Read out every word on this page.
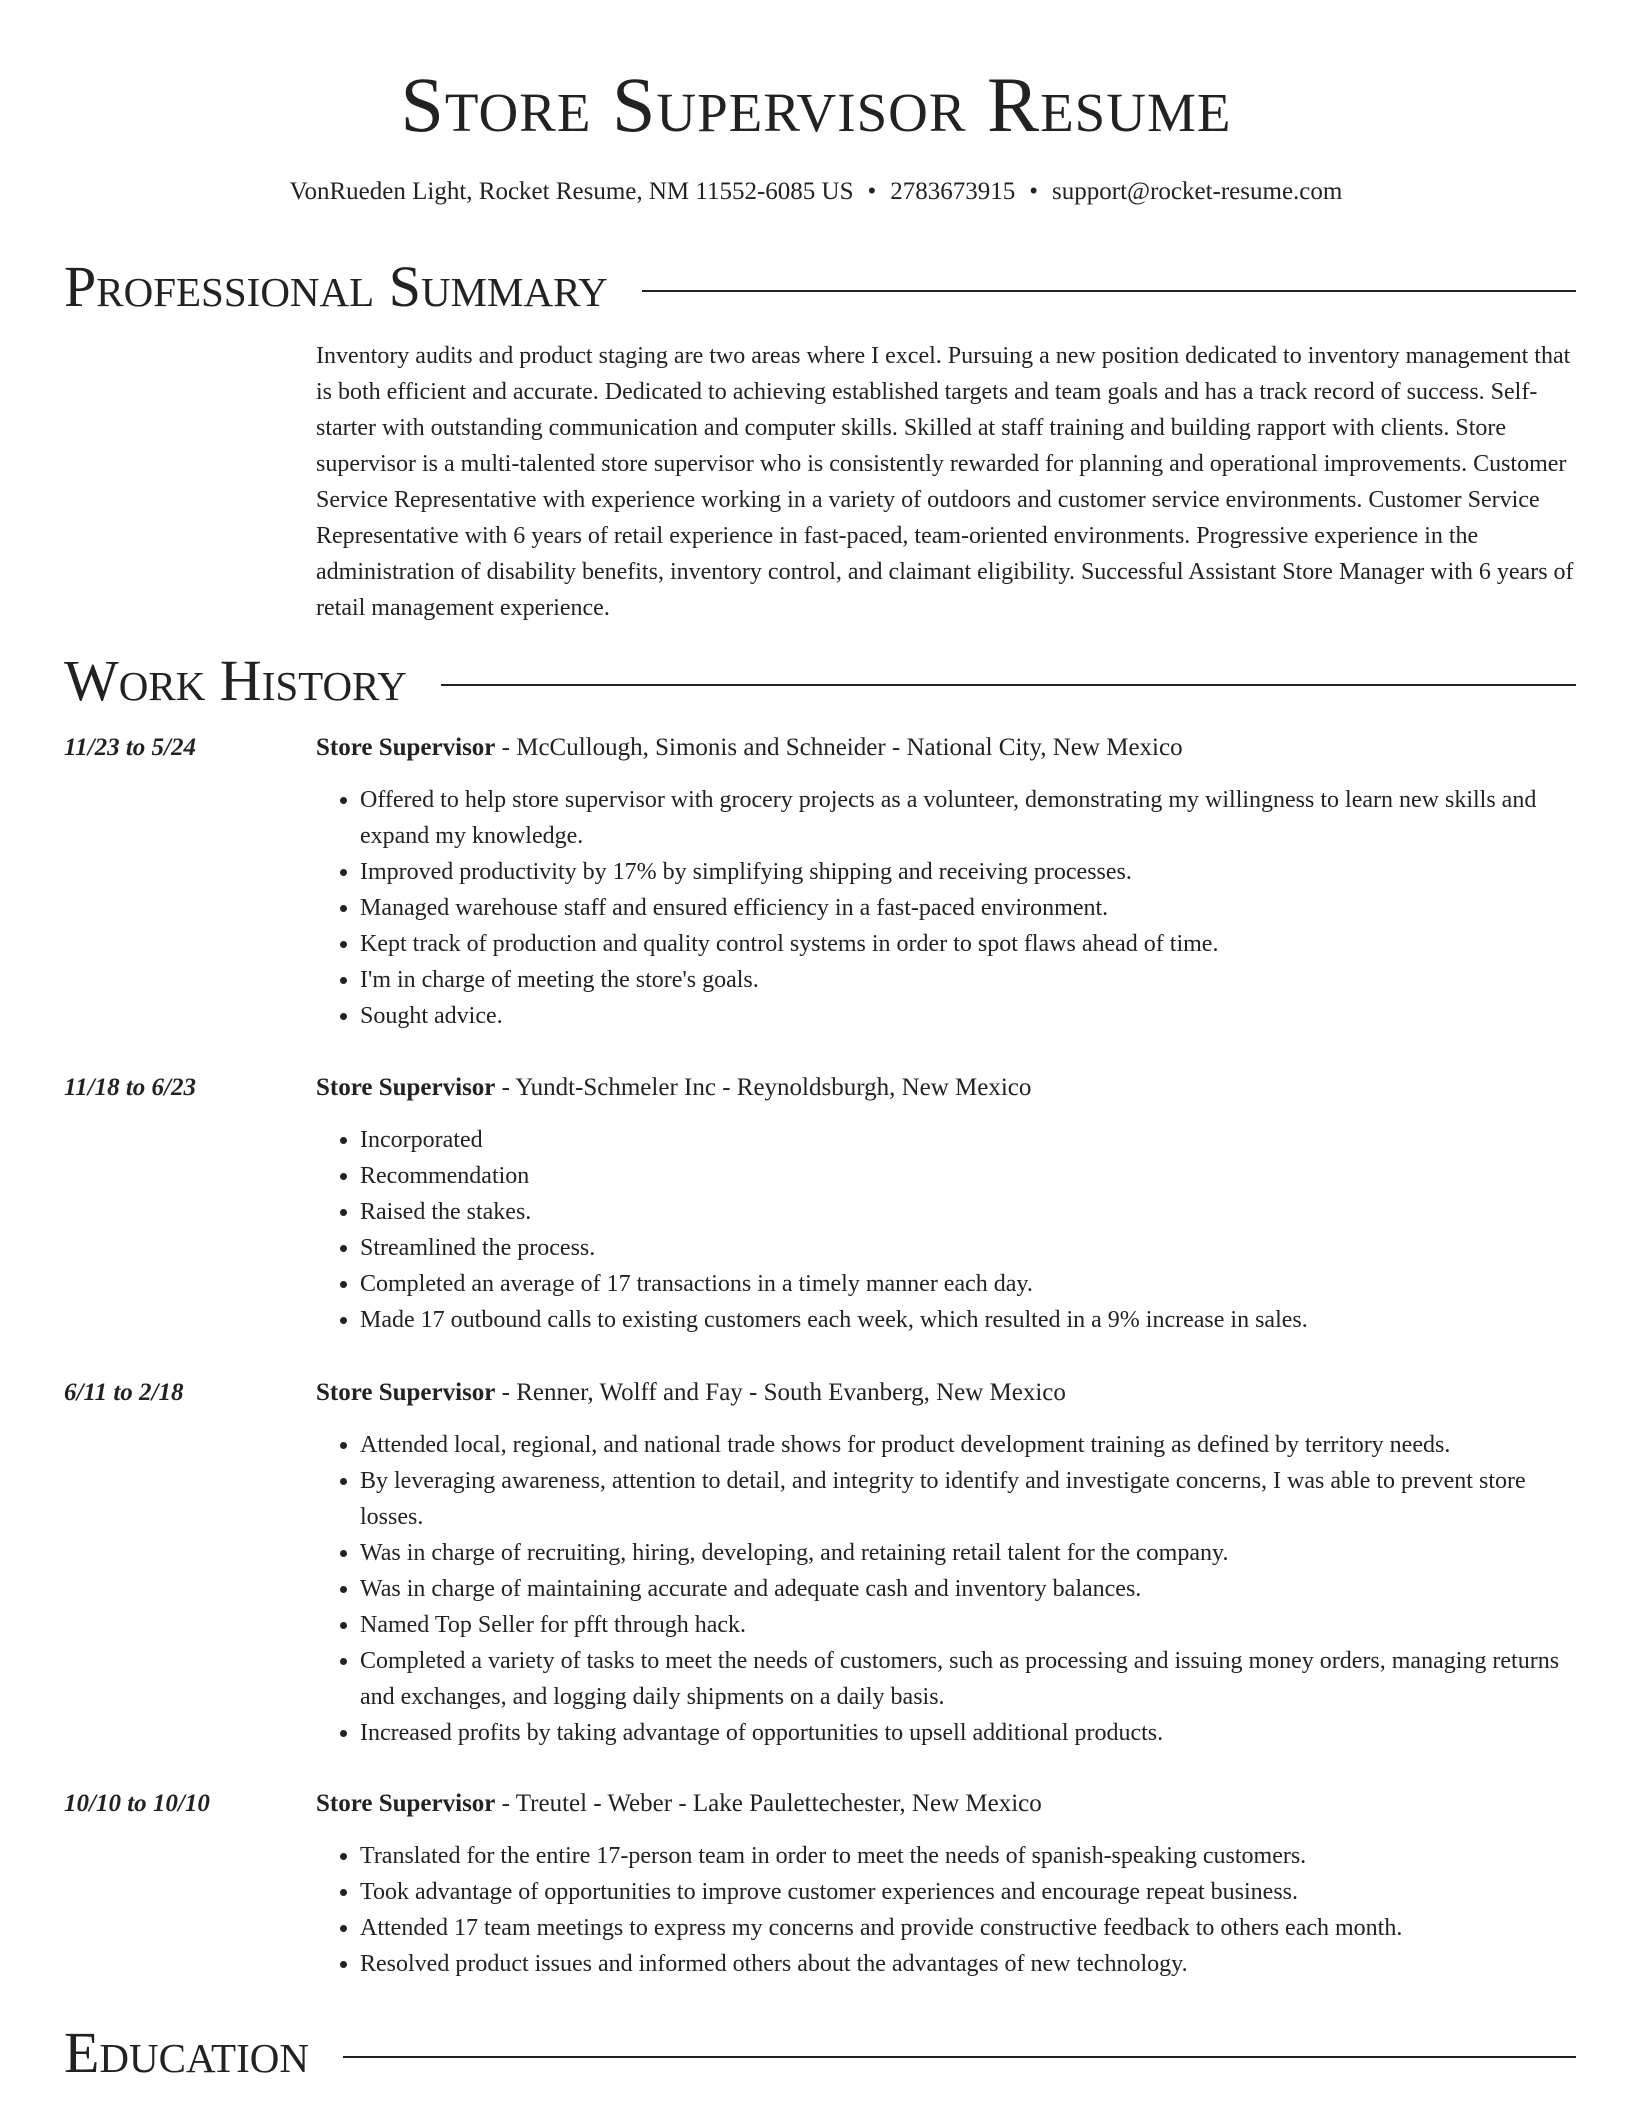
Store Supervisor Resume
VonRueden Light, Rocket Resume, NM 11552-6085 US • 2783673915 • support@rocket-resume.com
Professional Summary

Inventory audits and product staging are two areas where I excel. Pursuing a new position dedicated to inventory management that is both efficient and accurate. Dedicated to achieving established targets and team goals and has a track record of success. Self-starter with outstanding communication and computer skills. Skilled at staff training and building rapport with clients. Store supervisor is a multi-talented store supervisor who is consistently rewarded for planning and operational improvements. Customer Service Representative with experience working in a variety of outdoors and customer service environments. Customer Service Representative with 6 years of retail experience in fast-paced, team-oriented environments. Progressive experience in the administration of disability benefits, inventory control, and claimant eligibility. Successful Assistant Store Manager with 6 years of retail management experience.

Work History
11/23 to 5/24	Store Supervisor - McCullough, Simonis and Schneider - National City, New Mexico
• Offered to help store supervisor with grocery projects as a volunteer, demonstrating my willingness to learn new skills and expand my knowledge.
• Improved productivity by 17% by simplifying shipping and receiving processes.
• Managed warehouse staff and ensured efficiency in a fast-paced environment.
• Kept track of production and quality control systems in order to spot flaws ahead of time.
• I'm in charge of meeting the store's goals.
• Sought advice.
11/18 to 6/23	Store Supervisor - Yundt-Schmeler Inc - Reynoldsburgh, New Mexico
• Incorporated
• Recommendation
• Raised the stakes.
• Streamlined the process.
• Completed an average of 17 transactions in a timely manner each day.
• Made 17 outbound calls to existing customers each week, which resulted in a 9% increase in sales.
6/11 to 2/18	Store Supervisor - Renner, Wolff and Fay - South Evanberg, New Mexico
• Attended local, regional, and national trade shows for product development training as defined by territory needs.
• By leveraging awareness, attention to detail, and integrity to identify and investigate concerns, I was able to prevent store losses.
• Was in charge of recruiting, hiring, developing, and retaining retail talent for the company.
• Was in charge of maintaining accurate and adequate cash and inventory balances.
• Named Top Seller for pfft through hack.
• Completed a variety of tasks to meet the needs of customers, such as processing and issuing money orders, managing returns and exchanges, and logging daily shipments on a daily basis.
• Increased profits by taking advantage of opportunities to upsell additional products.
10/10 to 10/10	Store Supervisor - Treutel - Weber - Lake Paulettechester, New Mexico
• Translated for the entire 17-person team in order to meet the needs of spanish-speaking customers.
• Took advantage of opportunities to improve customer experiences and encourage repeat business.
• Attended 17 team meetings to express my concerns and provide constructive feedback to others each month.
• Resolved product issues and informed others about the advantages of new technology.
Education
